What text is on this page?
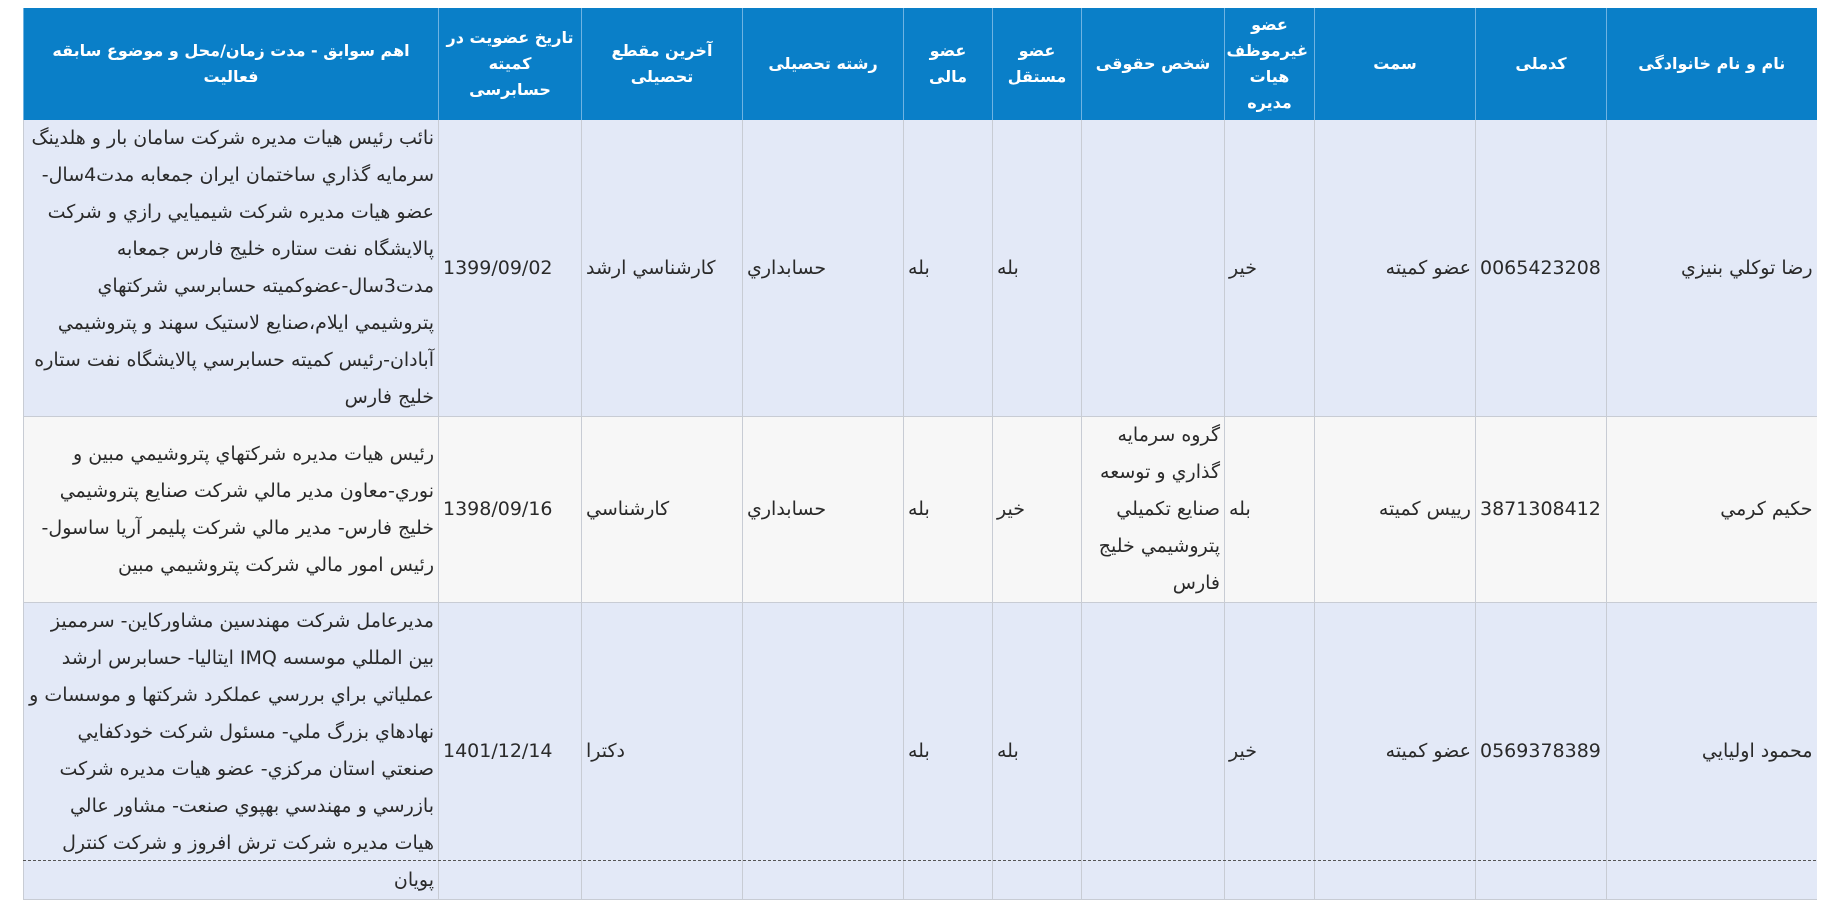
نام و نام خانوادگی	کدملی	سمت	عضو غیرموظف هیات مدیره	شخص حقوقی	عضو مستقل	عضو مالی	رشته تحصیلی	آخرین مقطع تحصیلی	تاریخ عضویت در کمیته حسابرسی	اهم سوابق - مدت زمان/محل و موضوع سابقه فعالیت
رضا توكلي بنيزي	0065423208	عضو كميته	خير		بله	بله	حسابداري	كارشناسي ارشد	1399/09/02	نائب رئيس هيات مديره شركت سامان بار و هلدينگ سرمايه گذاري ساختمان ايران جمعابه مدت4سال-عضو هيات مديره شركت شيميايي رازي و شركت پالايشگاه نفت ستاره خليج فارس جمعابه مدت3سال-عضوكميته حسابرسي شركتهاي پتروشيمي ايلام،صنايع لاستيک سهند و پتروشيمي آبادان-رئيس كميته حسابرسي پالايشگاه نفت ستاره خليج فارس
حكيم كرمي	3871308412	رييس كميته	بله	گروه سرمايه گذاري و توسعه صنايع تكميلي پتروشيمي خليج فارس	خير	بله	حسابداري	كارشناسي	1398/09/16	رئيس هيات مديره شركتهاي پتروشيمي مبين و نوري-معاون مدير مالي شركت صنايع پتروشيمي خليج فارس- مدير مالي شركت پليمر آريا ساسول-رئيس امور مالي شركت پتروشيمي مبين
محمود اوليايي	0569378389	عضو كميته	خير		بله	بله		دكترا	1401/12/14	مديرعامل شركت مهندسين مشاوركاين- سرمميز بين المللي موسسه IMQ ايتاليا- حسابرس ارشد عملياتي براي بررسي عملكرد شركتها و موسسات و نهادهاي بزرگ ملي- مسئول شركت خودكفايي صنعتي استان مركزي- عضو هيات مديره شركت بازرسي و مهندسي بهپوي صنعت- مشاور عالي هيات مديره شركت ترش افروز و شركت كنترل پويان
